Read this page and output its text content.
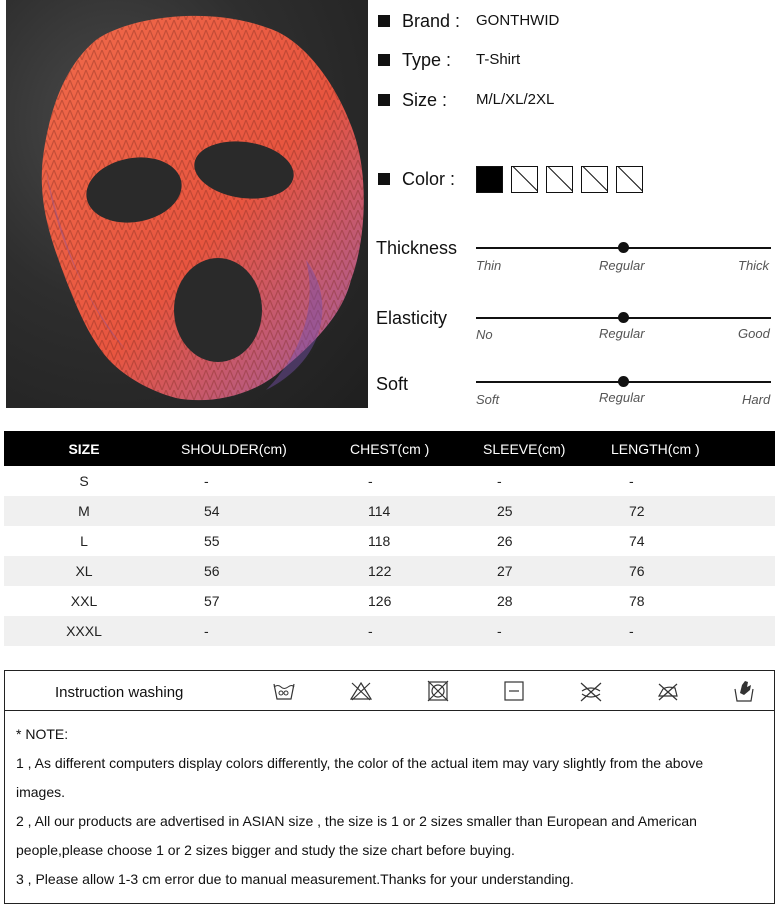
Brand :	GONTHWID
Type :	T-Shirt
Size :	M/L/XL/2XL
Color :
Thickness
Thin	Regular	Thick
Elasticity
No	Regular	Good
Soft
Soft	Regular	Hard
SIZE	SHOULDER(cm)	CHEST(cm )	SLEEVE(cm)	LENGTH(cm )
S	-	-	-	-
M	54	114	25	72
L	55	118	26	74
XL	56	122	27	76
XXL	57	126	28	78
XXXL	-	-	-	-
Instruction washing
* NOTE:
1 , As different computers display colors differently, the color of the actual item may vary slightly from the above
images.
2 , All our products are advertised in ASIAN size , the size is 1 or 2 sizes smaller than European and American
people,please choose 1 or 2 sizes bigger and study the size chart before buying.
3 , Please allow 1-3 cm error due to manual measurement.Thanks for your understanding.
